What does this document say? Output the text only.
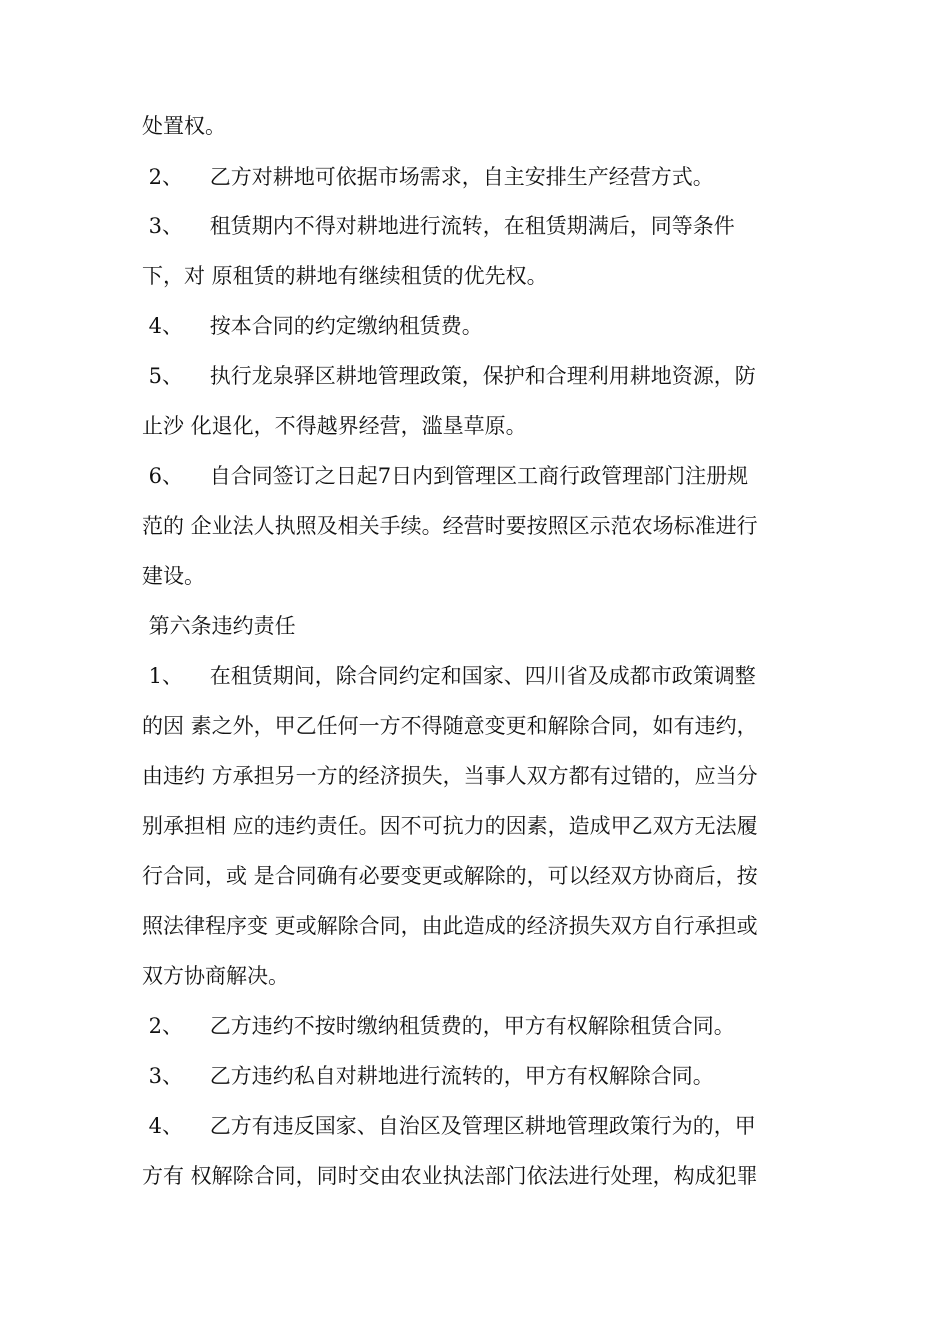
处置权。
2、    乙方对耕地可依据市场需求，自主安排生产经营方式。
3、    租赁期内不得对耕地进行流转，在租赁期满后，同等条件
下，对 原租赁的耕地有继续租赁的优先权。
4、    按本合同的约定缴纳租赁费。
5、    执行龙泉驿区耕地管理政策，保护和合理利用耕地资源，防
止沙 化退化，不得越界经营，滥垦草原。
6、    自合同签订之日起7日内到管理区工商行政管理部门注册规
范的 企业法人执照及相关手续。经营时要按照区示范农场标准进行
建设。
第六条违约责任
1、    在租赁期间，除合同约定和国家、四川省及成都市政策调整
的因 素之外，甲乙任何一方不得随意变更和解除合同，如有违约，
由违约 方承担另一方的经济损失，当事人双方都有过错的，应当分
别承担相 应的违约责任。因不可抗力的因素，造成甲乙双方无法履
行合同，或 是合同确有必要变更或解除的，可以经双方协商后，按
照法律程序变 更或解除合同，由此造成的经济损失双方自行承担或
双方协商解决。
2、    乙方违约不按时缴纳租赁费的，甲方有权解除租赁合同。
3、    乙方违约私自对耕地进行流转的，甲方有权解除合同。
4、    乙方有违反国家、自治区及管理区耕地管理政策行为的，甲
方有 权解除合同，同时交由农业执法部门依法进行处理，构成犯罪
